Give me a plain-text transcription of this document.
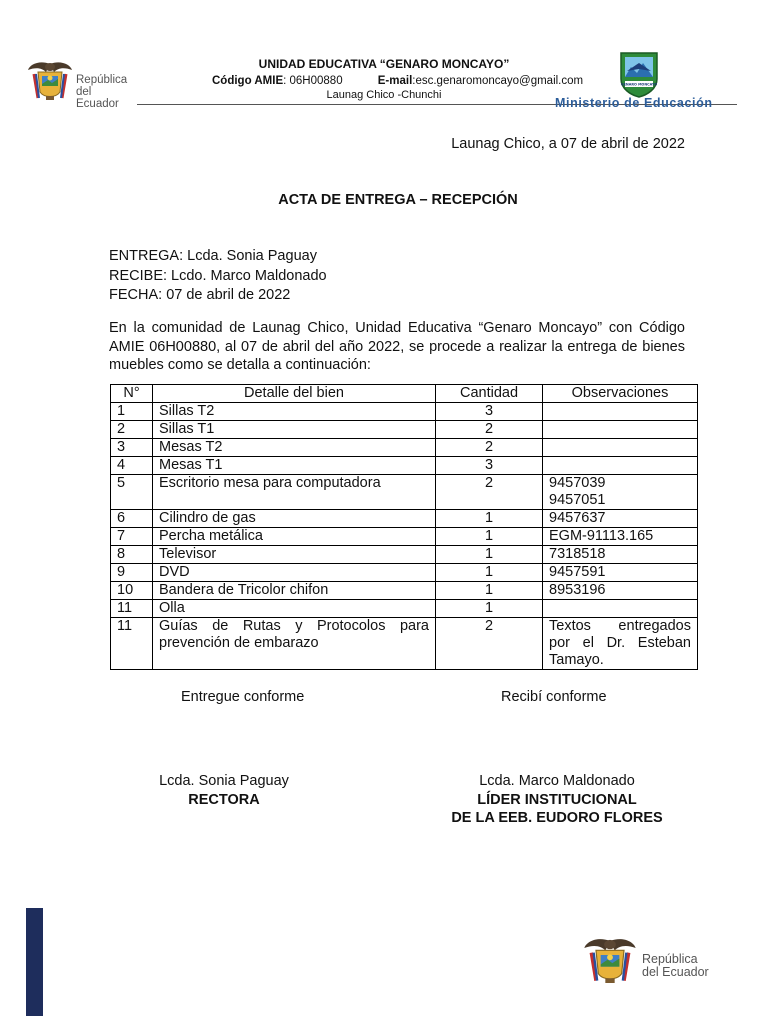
República
del Ecuador
UNIDAD EDUCATIVA “GENARO MONCAYO”
Código AMIE: 06H00880	E-mail:esc.genaromoncayo@gmail.com
Launag Chico -Chunchi
GENARO MONCAYO
Ministerio de Educación
Launag Chico, a 07 de abril de 2022
ACTA DE ENTREGA – RECEPCIÓN
ENTREGA: Lcda. Sonia Paguay
RECIBE: Lcdo. Marco Maldonado
FECHA: 07 de abril de 2022
En la comunidad de Launag Chico, Unidad Educativa “Genaro Moncayo” con Código AMIE 06H00880, al 07 de abril del año 2022, se procede a realizar la entrega de bienes muebles como se detalla a continuación:
N°	Detalle del bien	Cantidad	Observaciones
1	Sillas T2	3	
2	Sillas T1	2	
3	Mesas T2	2	
4	Mesas T1	3	
5	Escritorio mesa para computadora	2	9457039
9457051
6	Cilindro de gas	1	9457637
7	Percha metálica	1	EGM-91113.165
8	Televisor	1	7318518
9	DVD	1	9457591
10	Bandera de Tricolor chifon	1	8953196
11	Olla	1	
11	Guías de Rutas y Protocolos para prevención de embarazo	2	Textos entregados por el Dr. Esteban Tamayo.
Entregue conforme	Recibí conforme
Lcda. Sonia Paguay
RECTORA
Lcda. Marco Maldonado
LÍDER INSTITUCIONAL
DE LA EEB. EUDORO FLORES
República
del Ecuador
